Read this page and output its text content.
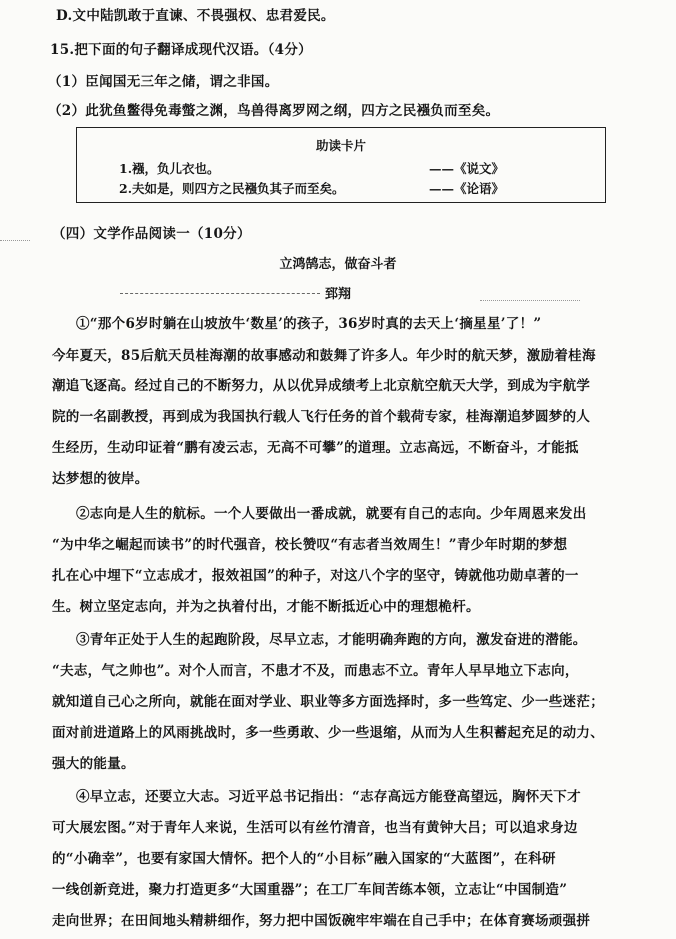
D.文中陆凯敢于直谏、不畏强权、忠君爱民。
15.把下面的句子翻译成现代汉语。（4分）
（1）臣闻国无三年之储，谓之非国。
（2）此犹鱼鳖得免毒螫之渊，鸟兽得离罗网之纲，四方之民襁负而至矣。
助读卡片
1.襁，负儿衣也。
2.夫如是，则四方之民襁负其子而至矣。
——《说文》
——《论语》
（四）文学作品阅读一（10分）
立鸿鹄志，做奋斗者
郅翔
①“那个6岁时躺在山坡放牛‘数星’的孩子，36岁时真的去天上‘摘星星’了！”
今年夏天，85后航天员桂海潮的故事感动和鼓舞了许多人。年少时的航天梦，激励着桂海
潮追飞逐高。经过自己的不断努力，从以优异成绩考上北京航空航天大学，到成为宇航学
院的一名副教授，再到成为我国执行载人飞行任务的首个载荷专家，桂海潮追梦圆梦的人
生经历，生动印证着“鹏有凌云志，无高不可攀”的道理。立志高远，不断奋斗，才能抵
达梦想的彼岸。
②志向是人生的航标。一个人要做出一番成就，就要有自己的志向。少年周恩来发出
“为中华之崛起而读书”的时代强音，校长赞叹“有志者当效周生！”青少年时期的梦想
扎在心中埋下“立志成才，报效祖国”的种子，对这八个字的坚守，铸就他功勋卓著的一
生。树立坚定志向，并为之执着付出，才能不断抵近心中的理想桅杆。
③青年正处于人生的起跑阶段，尽早立志，才能明确奔跑的方向，激发奋进的潜能。
“夫志，气之帅也”。对个人而言，不患才不及，而患志不立。青年人早早地立下志向，
就知道自己心之所向，就能在面对学业、职业等多方面选择时，多一些笃定、少一些迷茫；
面对前进道路上的风雨挑战时，多一些勇敢、少一些退缩，从而为人生积蓄起充足的动力、
强大的能量。
④早立志，还要立大志。习近平总书记指出：“志存高远方能登高望远，胸怀天下才
可大展宏图。”对于青年人来说，生活可以有丝竹清音，也当有黄钟大吕；可以追求身边
的“小确幸”，也要有家国大情怀。把个人的“小目标”融入国家的“大蓝图”，在科研
一线创新竞进，聚力打造更多“大国重器”；在工厂车间苦练本领，立志让“中国制造”
走向世界；在田间地头精耕细作，努力把中国饭碗牢牢端在自己手中；在体育赛场顽强拼
